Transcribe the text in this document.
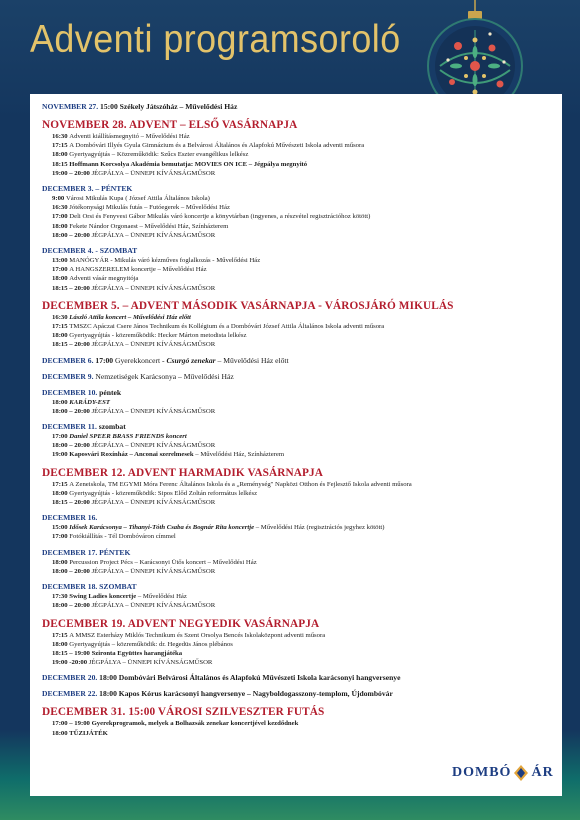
Adventi programsoroló
NOVEMBER 27. 15:00 Székely Játszóház – Művelődési Ház
NOVEMBER 28. ADVENT – ELSŐ VASÁRNAPJA
16:30 Adventi kiállításmegnyitó – Művelődési Ház
17:15 A Dombóvári Illyés Gyula Gimnázium és a Belvárosi Általános és Alapfokú Művészeti Iskola adventi műsora
18:00 Gyertyagyújtás – Közreműködik: Szűcs Eszter evangélikus lelkész
18:15 Hoffmann Korcsolya Akadémia bemutatja: MOVIES ON ICE – Jégpálya megnyitó
19:00 – 20:00 JÉGPÁLYA – ÜNNEPI KÍVÁNSÁGMŰSOR
DECEMBER 3. – PÉNTEK
9:00 Városi Mikulás Kupa ( József Attila Általános Iskola)
16:30 Jótékonysági Mikulás futás – Futóegerek – Művelődési Ház
17:00 Deli Orsi és Fenyvesi Gábor Mikulás váró koncertje a könyvtárban (ingyenes, a részvétel regisztrációhoz kötött)
18:00 Fekete Nándor Orgonaest – Művelődési Ház, Színházterem
18:00 – 20:00 JÉGPÁLYA – ÜNNEPI KÍVÁNSÁGMŰSOR
DECEMBER 4. - SZOMBAT
13:00 MANÓGYÁR - Mikulás váró kézműves foglalkozás - Művelődési Ház
17:00 A HANGSZERELEM koncertje – Művelődési Ház
18:00 Adventi vásár megnyitója
18:15 – 20:00 JÉGPÁLYA – ÜNNEPI KÍVÁNSÁGMŰSOR
DECEMBER 5. – ADVENT MÁSODIK VASÁRNAPJA - VÁROSJÁRÓ MIKULÁS
16:30 László Attila koncert – Művelődési Ház előtt
17:15 TMSZC Apáczai Csere János Technikum és Kollégium és a Dombóvári József Attila Általános Iskola adventi műsora
18:00 Gyertyagyújtás - közreműködik: Hecker Márton metodista lelkész
18:15 – 20:00 JÉGPÁLYA – ÜNNEPI KÍVÁNSÁGMŰSOR
DECEMBER 6. 17:00 Gyerekkoncert - Csurgó zenekar – Művelődési Ház előtt
DECEMBER 9. Nemzetiségek Karácsonya – Művelődési Ház
DECEMBER 10. péntek
18:00 KARÁDY-EST
18:00 – 20:00 JÉGPÁLYA – ÜNNEPI KÍVÁNSÁGMŰSOR
DECEMBER 11. szombat
17:00 Daniel SPEER BRASS FRIENDS koncert
18:00 – 20:00 JÉGPÁLYA – ÜNNEPI KÍVÁNSÁGMŰSOR
19:00 Kaposvári Roxínház – Anconai szerelmesek – Művelődési Ház, Színházterem
DECEMBER 12. ADVENT HARMADIK VASÁRNAPJA
17:15 A Zeneiskola, TM EGYMI Móra Ferenc Általános Iskola és a „Reménység" Napközi Otthon és Fejlesztő Iskola adventi műsora
18:00 Gyertyagyújtás - közreműködik: Sipos Előd Zoltán református lelkész
18:15 – 20:00 JÉGPÁLYA – ÜNNEPI KÍVÁNSÁGMŰSOR
DECEMBER 16.
15:00 Idősek Karácsonya – Tihanyi-Tóth Csaba és Bognár Rita koncertje – Művelődési Ház (regisztrációs jegyhez kötött)
17:00 Fotókiállítás - Tél Dombóváron címmel
DECEMBER 17. PÉNTEK
18:00 Percussion Project Pécs – Karácsonyi Ütős koncert – Művelődési Ház
18:00 – 20:00 JÉGPÁLYA – ÜNNEPI KÍVÁNSÁGMŰSOR
DECEMBER 18. SZOMBAT
17:30 Swing Ladies koncertje – Művelődési Ház
18:00 – 20:00 JÉGPÁLYA – ÜNNEPI KÍVÁNSÁGMŰSOR
DECEMBER 19. ADVENT NEGYEDIK VASÁRNAPJA
17:15 A MMSZ Esterházy Miklós Technikum és Szent Orsolya Bencés Iskolaközpont adventi műsora
18:00 Gyertyagyújtás – közreműködik: dr. Hegedüs János plébános
18:15 – 19:00 Szironta Együttes harangjátéka
19:00 -20:00 JÉGPÁLYA – ÜNNEPI KÍVÁNSÁGMŰSOR
DECEMBER 20. 18:00 Dombóvári Belvárosi Általános és Alapfokú Művészeti Iskola karácsonyi hangversenye
DECEMBER 22. 18:00 Kapos Kórus karácsonyi hangversenye – Nagyboldogasszony-templom, Újdombóvár
DECEMBER 31. 15:00 VÁROSI SZILVESZTER FUTÁS
17:00 – 19:00 Gyerekprogramok, melyek a Bolhazsák zenekar koncertjével kezdődnek
18:00 TŰZIJÁTÉK
DOMBÓ ÁR
